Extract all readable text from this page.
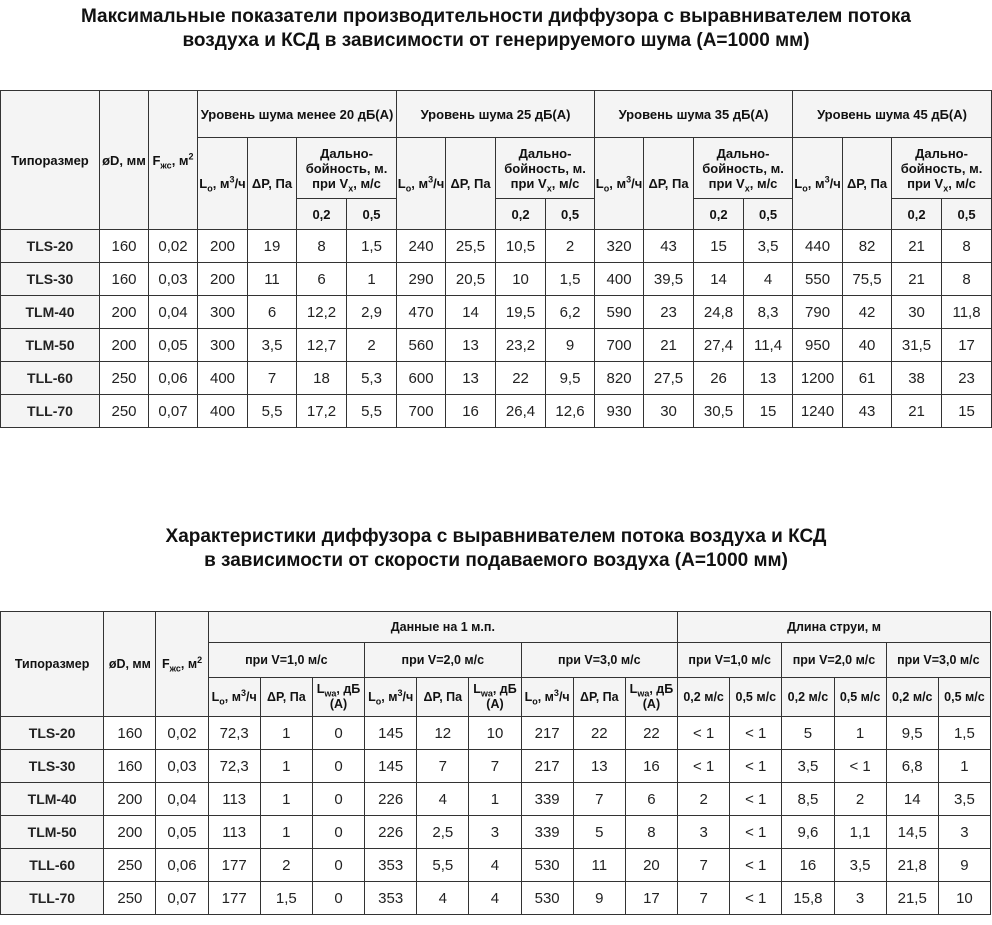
Максимальные показатели производительности диффузора с выравнивателем потока
воздуха и КСД в зависимости от генерируемого шума (А=1000 мм)
Типоразмер	øD, мм	$F_{жс}$, $м^2$	Уровень шума менее 20 дБ(А)				Уровень шума 25 дБ(А)				Уровень шума 35 дБ(А)				Уровень шума 45 дБ(А)			
			$L_о$, $м^3/ч$	ΔP, Па	Дально-бойность, м. при $V_x$, м/с		$L_о$, $м^3/ч$	ΔP, Па	Дально-бойность, м. при $V_x$, м/с		$L_о$, $м^3/ч$	ΔP, Па	Дально-бойность, м. при $V_x$, м/с		$L_о$, $м^3/ч$	ΔP, Па	Дально-бойность, м. при $V_x$, м/с	
					0,2	0,5			0,2	0,5			0,2	0,5			0,2	0,5
TLS-20	160	0,02	200	19	8	1,5	240	25,5	10,5	2	320	43	15	3,5	440	82	21	8
TLS-30	160	0,03	200	11	6	1	290	20,5	10	1,5	400	39,5	14	4	550	75,5	21	8
TLM-40	200	0,04	300	6	12,2	2,9	470	14	19,5	6,2	590	23	24,8	8,3	790	42	30	11,8
TLM-50	200	0,05	300	3,5	12,7	2	560	13	23,2	9	700	21	27,4	11,4	950	40	31,5	17
TLL-60	250	0,06	400	7	18	5,3	600	13	22	9,5	820	27,5	26	13	1200	61	38	23
TLL-70	250	0,07	400	5,5	17,2	5,5	700	16	26,4	12,6	930	30	30,5	15	1240	43	21	15
Характеристики диффузора с выравнивателем потока воздуха и КСД
в зависимости от скорости подаваемого воздуха (А=1000 мм)
Типоразмер	øD, мм	$F_{жс}$, $м^2$	Данные на 1 м.п.									Длина струи, м					
			при V=1,0 м/с			при V=2,0 м/с			при V=3,0 м/с			при V=1,0 м/с		при V=2,0 м/с		при V=3,0 м/с	
			$L_о$, $м^3/ч$	ΔP, Па	$L_{wa}$, дБ (А)	$L_о$, $м^3/ч$	ΔP, Па	$L_{wa}$, дБ (А)	$L_о$, $м^3/ч$	ΔP, Па	$L_{wa}$, дБ (А)	0,2 м/с	0,5 м/с	0,2 м/с	0,5 м/с	0,2 м/с	0,5 м/с
TLS-20	160	0,02	72,3	1	0	145	12	10	217	22	22	< 1	< 1	5	1	9,5	1,5
TLS-30	160	0,03	72,3	1	0	145	7	7	217	13	16	< 1	< 1	3,5	< 1	6,8	1
TLM-40	200	0,04	113	1	0	226	4	1	339	7	6	2	< 1	8,5	2	14	3,5
TLM-50	200	0,05	113	1	0	226	2,5	3	339	5	8	3	< 1	9,6	1,1	14,5	3
TLL-60	250	0,06	177	2	0	353	5,5	4	530	11	20	7	< 1	16	3,5	21,8	9
TLL-70	250	0,07	177	1,5	0	353	4	4	530	9	17	7	< 1	15,8	3	21,5	10
